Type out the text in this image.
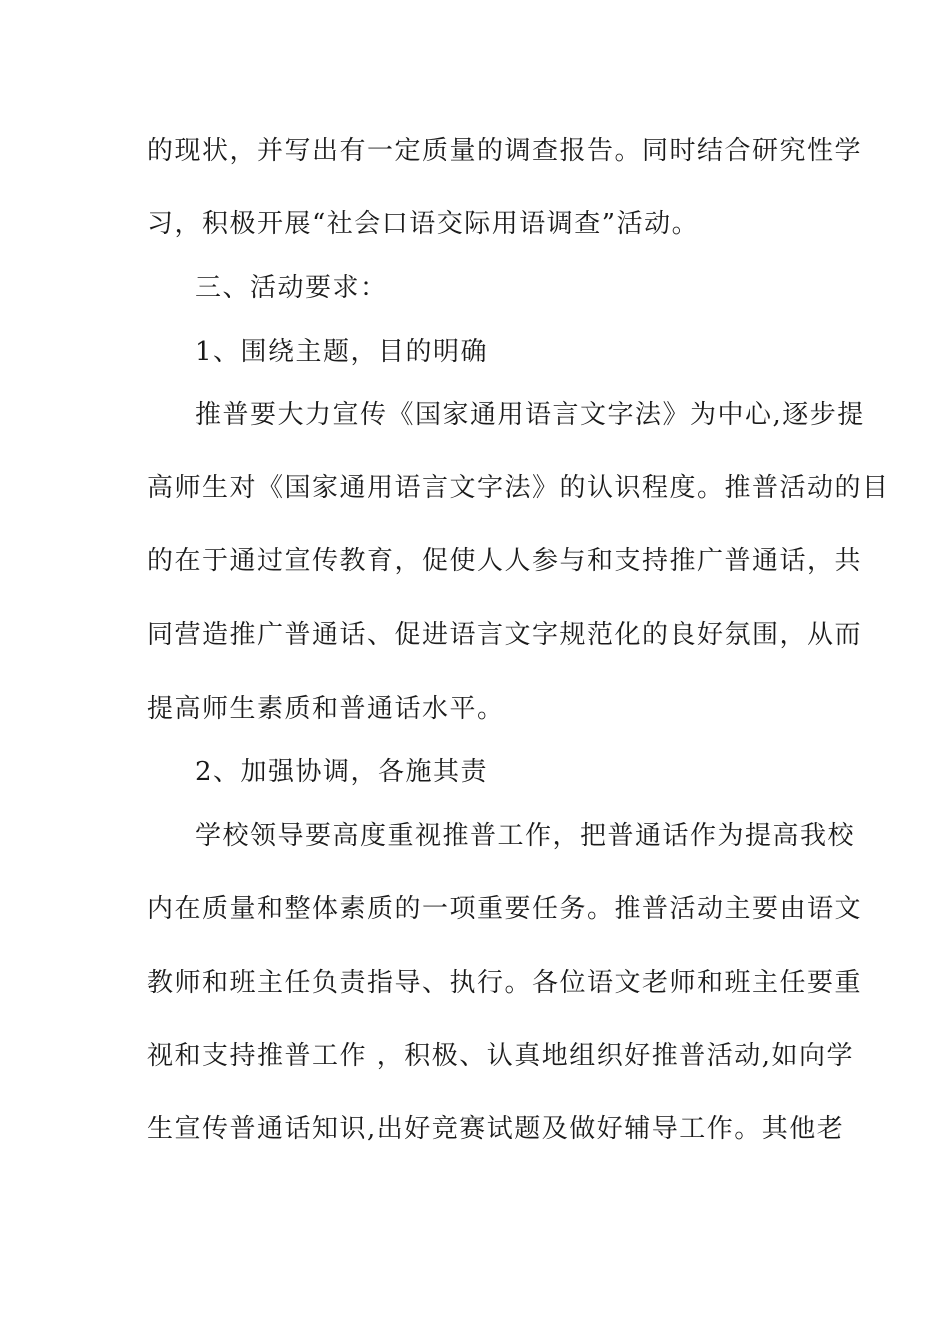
的现状，并写出有一定质量的调查报告。同时结合研究性学
习，积极开展“社会口语交际用语调查”活动。
三、活动要求：
1、围绕主题，目的明确
推普要大力宣传《国家通用语言文字法》为中心,逐步提
高师生对《国家通用语言文字法》的认识程度。推普活动的目
的在于通过宣传教育，促使人人参与和支持推广普通话，共
同营造推广普通话、促进语言文字规范化的良好氛围，从而
提高师生素质和普通话水平。
2、加强协调，各施其责
学校领导要高度重视推普工作，把普通话作为提高我校
内在质量和整体素质的一项重要任务。推普活动主要由语文
教师和班主任负责指导、执行。各位语文老师和班主任要重
视和支持推普工作 ，积极、认真地组织好推普活动,如向学
生宣传普通话知识,出好竞赛试题及做好辅导工作。其他老
